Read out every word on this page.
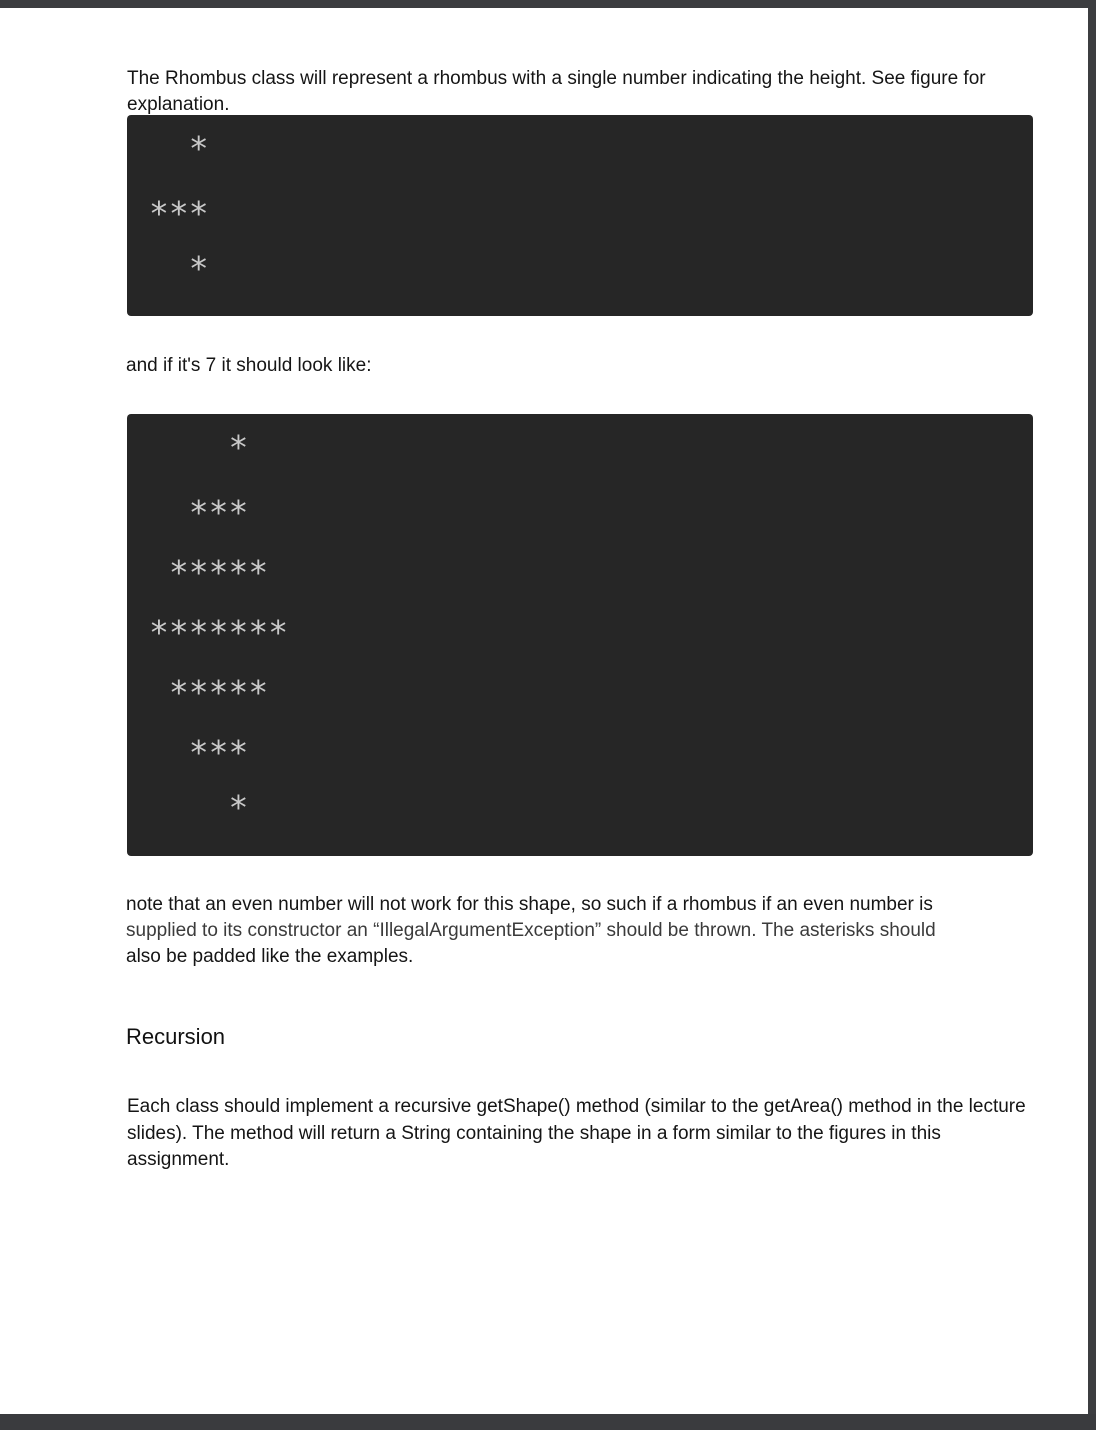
The Rhombus class will represent a rhombus with a single number indicating the height. See figure for explanation.

*
***
*

and if it's 7 it should look like:

*
***
*****
*******
*****
***
*
note that an even number will not work for this shape, so such if a rhombus if an even number is
supplied to its constructor an “IllegalArgumentException” should be thrown. The asterisks should
also be padded like the examples.
Recursion

Each class should implement a recursive getShape() method (similar to the getArea() method in the lecture slides). The method will return a String containing the shape in a form similar to the figures in this assignment.
